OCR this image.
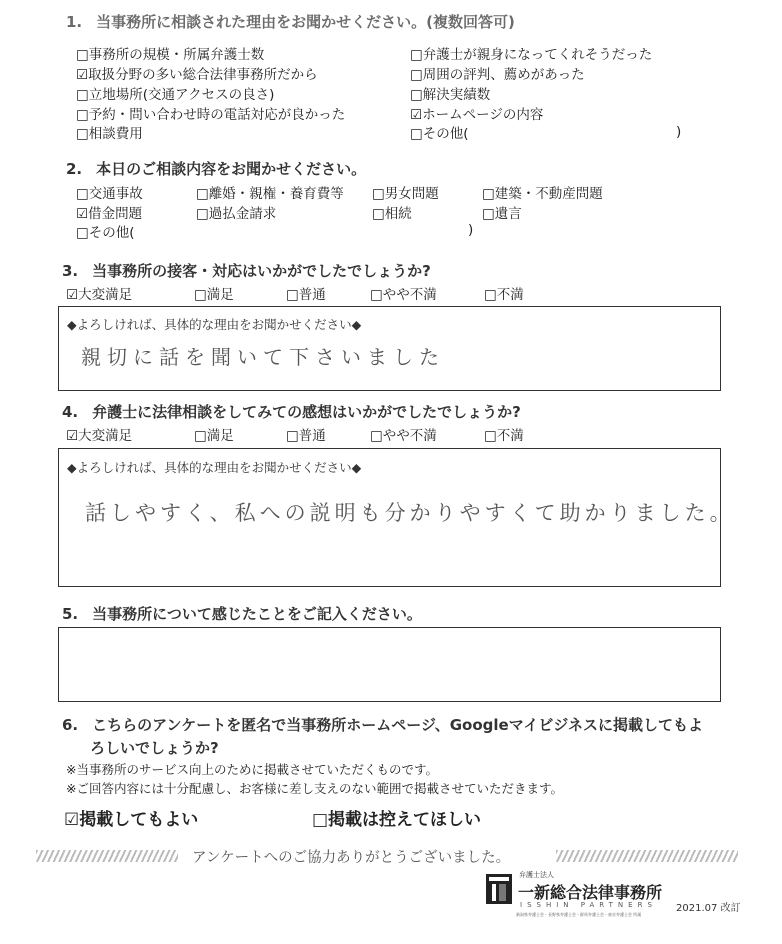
1. 当事務所に相談された理由をお聞かせください。(複数回答可)
□事務所の規模・所属弁護士数
☑取扱分野の多い総合法律事務所だから
□立地場所(交通アクセスの良さ)
□予約・問い合わせ時の電話対応が良かった
□相談費用
□弁護士が親身になってくれそうだった
□周囲の評判、薦めがあった
□解決実績数
☑ホームページの内容
□その他(	)
2. 本日のご相談内容をお聞かせください。
□交通事故	□離婚・親権・養育費等 □男女問題	□建築・不動産問題
☑借金問題	□過払金請求	□相続	□遺言
□その他(	)
3. 当事務所の接客・対応はいかがでしたでしょうか?
☑大変満足	□満足	□普通	□やや不満	□不満
◆よろしければ、具体的な理由をお聞かせください◆
親切に話を聞いて下さいました
4. 弁護士に法律相談をしてみての感想はいかがでしたでしょうか?
☑大変満足	□満足	□普通	□やや不満	□不満
◆よろしければ、具体的な理由をお聞かせください◆
話しやすく、私への説明も分かりやすくて助かりました。
5. 当事務所について感じたことをご記入ください。
6. こちらのアンケートを匿名で当事務所ホームページ、Googleマイビジネスに掲載してもよ
ろしいでしょうか?
※当事務所のサービス向上のために掲載させていただくものです。
※ご回答内容には十分配慮し、お客様に差し支えのない範囲で掲載させていただきます。
☑掲載してもよい	□掲載は控えてほしい
アンケートへのご協力ありがとうございました。
弁護士法人
一新総合法律事務所
ISSHIN PARTNERS
新潟県弁護士会・長野県弁護士会・群馬弁護士会・東京弁護士会 所属
2021.07 改訂
